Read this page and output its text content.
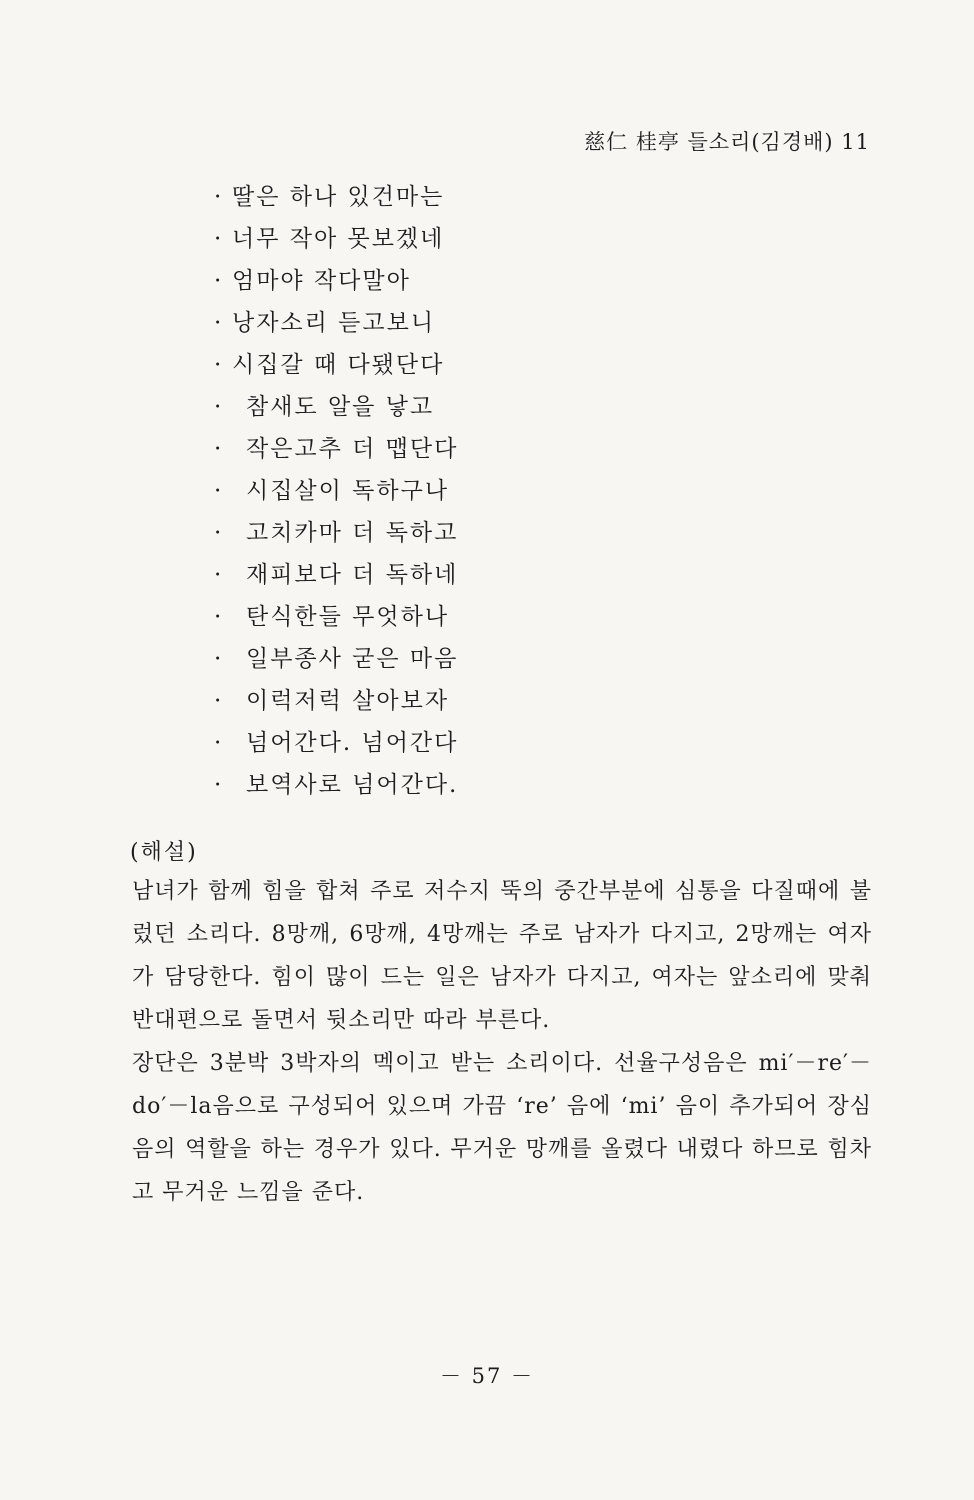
慈仁 桂亭 들소리(김경배) 11
· 딸은 하나 있건마는
· 너무 작아 못보겠네
· 엄마야 작다말아
· 낭자소리 듣고보니
· 시집갈 때 다됐단다
· 참새도 알을 낳고
· 작은고추 더 맵단다
· 시집살이 독하구나
· 고치카마 더 독하고
· 재피보다 더 독하네
· 탄식한들 무엇하나
· 일부종사 굳은 마음
· 이럭저럭 살아보자
· 넘어간다. 넘어간다
· 보역사로 넘어간다.
(해설)

남녀가 함께 힘을 합쳐 주로 저수지 뚝의 중간부분에 심통을 다질때에 불렀던 소리다. 8망깨, 6망깨, 4망깨는 주로 남자가 다지고, 2망깨는 여자가 담당한다. 힘이 많이 드는 일은 남자가 다지고, 여자는 앞소리에 맞춰 반대편으로 돌면서 뒷소리만 따라 부른다.

장단은 3분박 3박자의 멕이고 받는 소리이다. 선율구성음은 mi′－re′－do′－la음으로 구성되어 있으며 가끔 ‘re’ 음에 ‘mi’ 음이 추가되어 장심음의 역할을 하는 경우가 있다. 무거운 망깨를 올렸다 내렸다 하므로 힘차고 무거운 느낌을 준다.

－ 57 －
